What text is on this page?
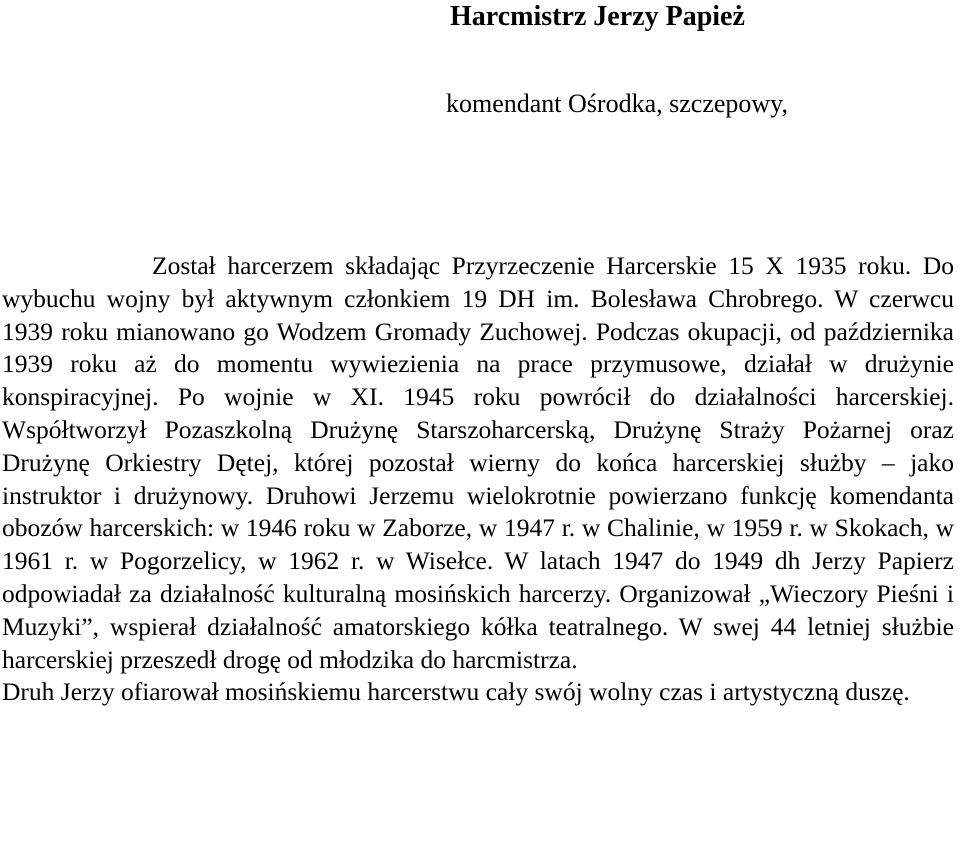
Harcmistrz Jerzy Papież

komendant Ośrodka, szczepowy,

Został harcerzem składając Przyrzeczenie Harcerskie 15 X 1935 roku. Do wybuchu wojny był aktywnym członkiem 19 DH im. Bolesława Chrobrego. W czerwcu 1939 roku mianowano go Wodzem Gromady Zuchowej. Podczas okupacji, od października 1939 roku aż do momentu wywiezienia na prace przymusowe, działał w drużynie konspiracyjnej. Po wojnie w XI. 1945 roku powrócił do działalności harcerskiej. Współtworzył Pozaszkolną Drużynę Starszoharcerską, Drużynę Straży Pożarnej oraz Drużynę Orkiestry Dętej, której pozostał wierny do końca harcerskiej służby – jako instruktor i drużynowy. Druhowi Jerzemu wielokrotnie powierzano funkcję komendanta obozów harcerskich: w 1946 roku w Zaborze, w 1947 r. w Chalinie, w 1959 r. w Skokach, w 1961 r. w Pogorzelicy, w 1962 r. w Wisełce. W latach 1947 do 1949 dh Jerzy Papierz odpowiadał za działalność kulturalną mosińskich harcerzy. Organizował „Wieczory Pieśni i Muzyki”, wspierał działalność amatorskiego kółka teatralnego. W swej 44 letniej służbie harcerskiej przeszedł drogę od młodzika do harcmistrza.

Druh Jerzy ofiarował mosińskiemu harcerstwu cały swój wolny czas i artystyczną duszę.
